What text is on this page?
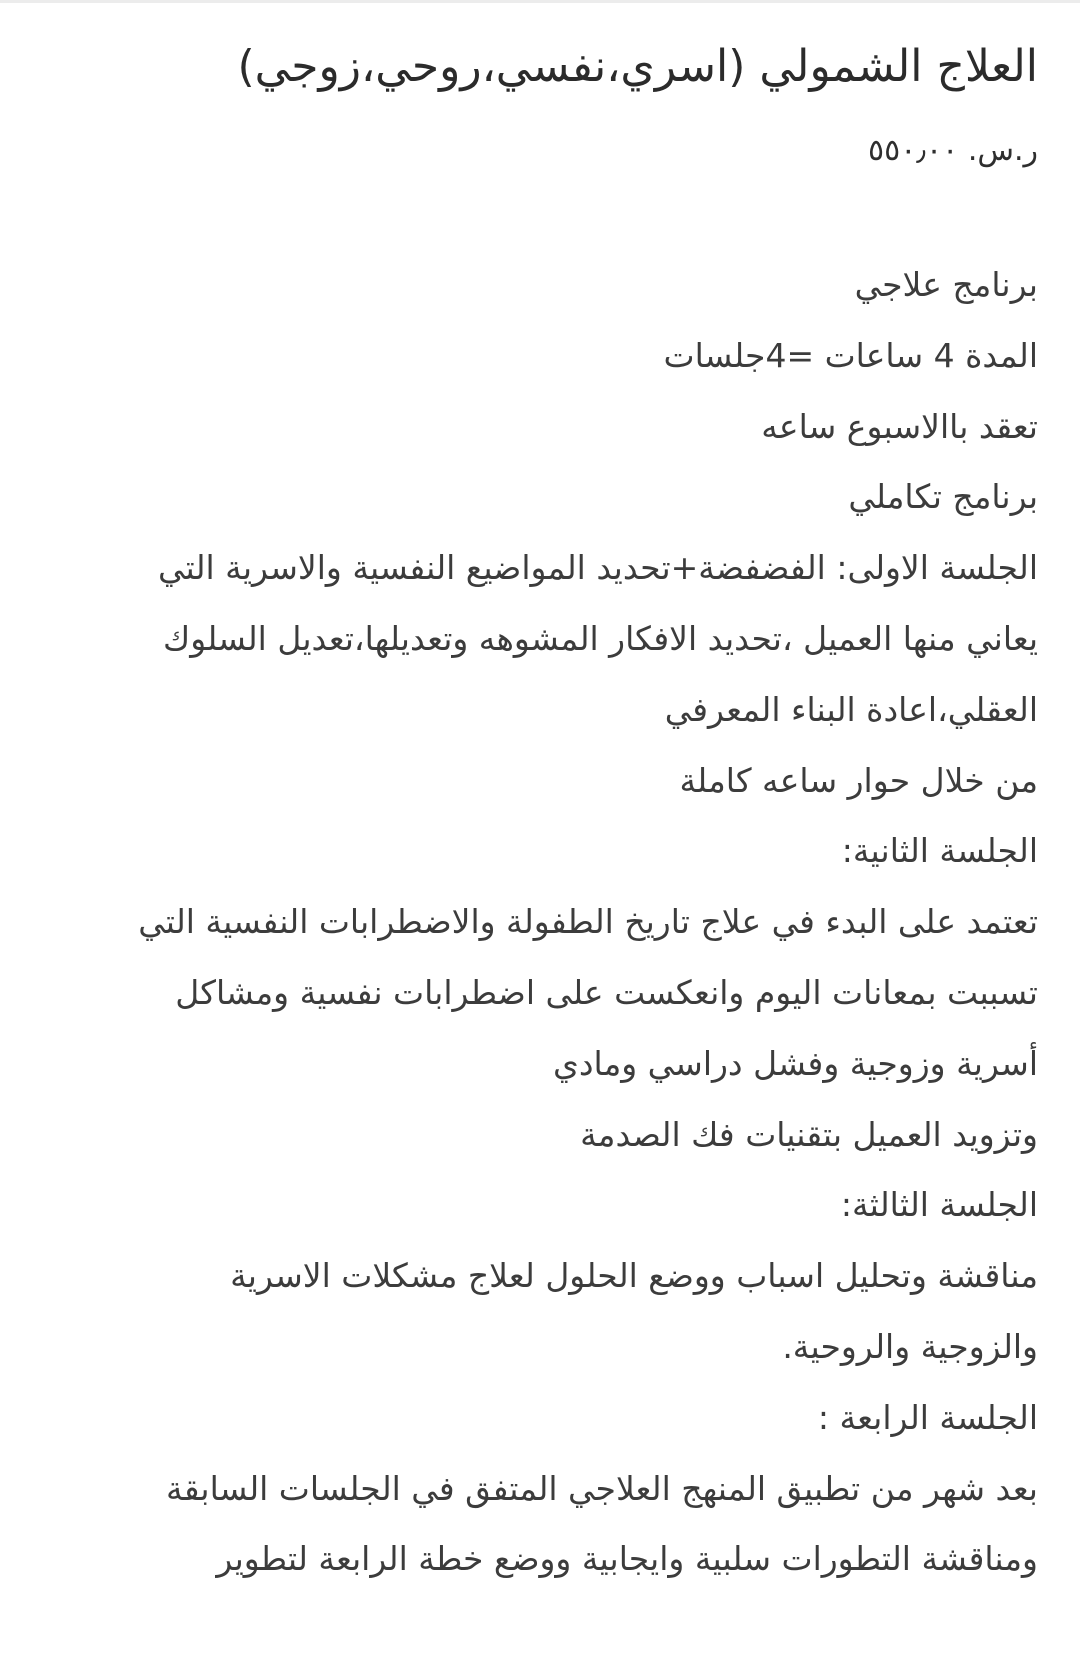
العلاج الشمولي (اسري،نفسي،روحي،زوجي)
ر.س. ٥٥٠٫٠٠
برنامج علاجي
المدة 4 ساعات =4جلسات
تعقد باالاسبوع ساعه
برنامج تكاملي
الجلسة الاولى: الفضفضة+تحديد المواضيع النفسية والاسرية التي
يعاني منها العميل ،تحديد الافكار المشوهه وتعديلها،تعديل السلوك
العقلي،اعادة البناء المعرفي
من خلال حوار ساعه كاملة
الجلسة الثانية:
تعتمد على البدء في علاج تاريخ الطفولة والاضطرابات النفسية التي
تسببت بمعانات اليوم وانعكست على اضطرابات نفسية ومشاكل
أسرية وزوجية وفشل دراسي ومادي
وتزويد العميل بتقنيات فك الصدمة
الجلسة الثالثة:
مناقشة وتحليل اسباب ووضع الحلول لعلاج مشكلات الاسرية
والزوجية والروحية.
الجلسة الرابعة :
بعد شهر من تطبيق المنهج العلاجي المتفق في الجلسات السابقة
ومناقشة التطورات سلبية وايجابية ووضع خطة الرابعة لتطوير
